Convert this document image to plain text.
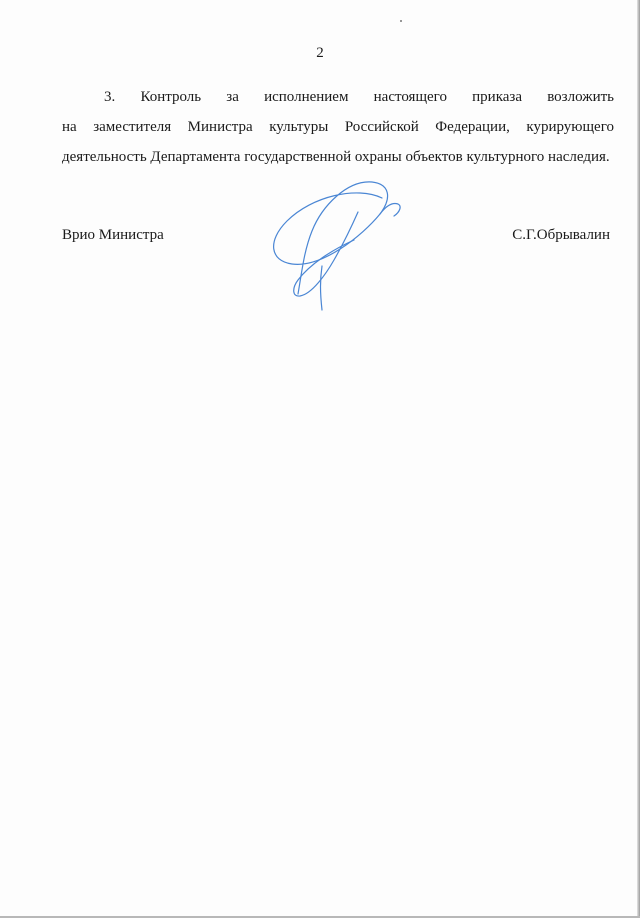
2
3. Контроль за исполнением настоящего приказа возложить
на заместителя Министра культуры Российской Федерации, курирующего
деятельность Департамента государственной охраны объектов культурного наследия.
Врио Министра	С.Г.Обрывалин
